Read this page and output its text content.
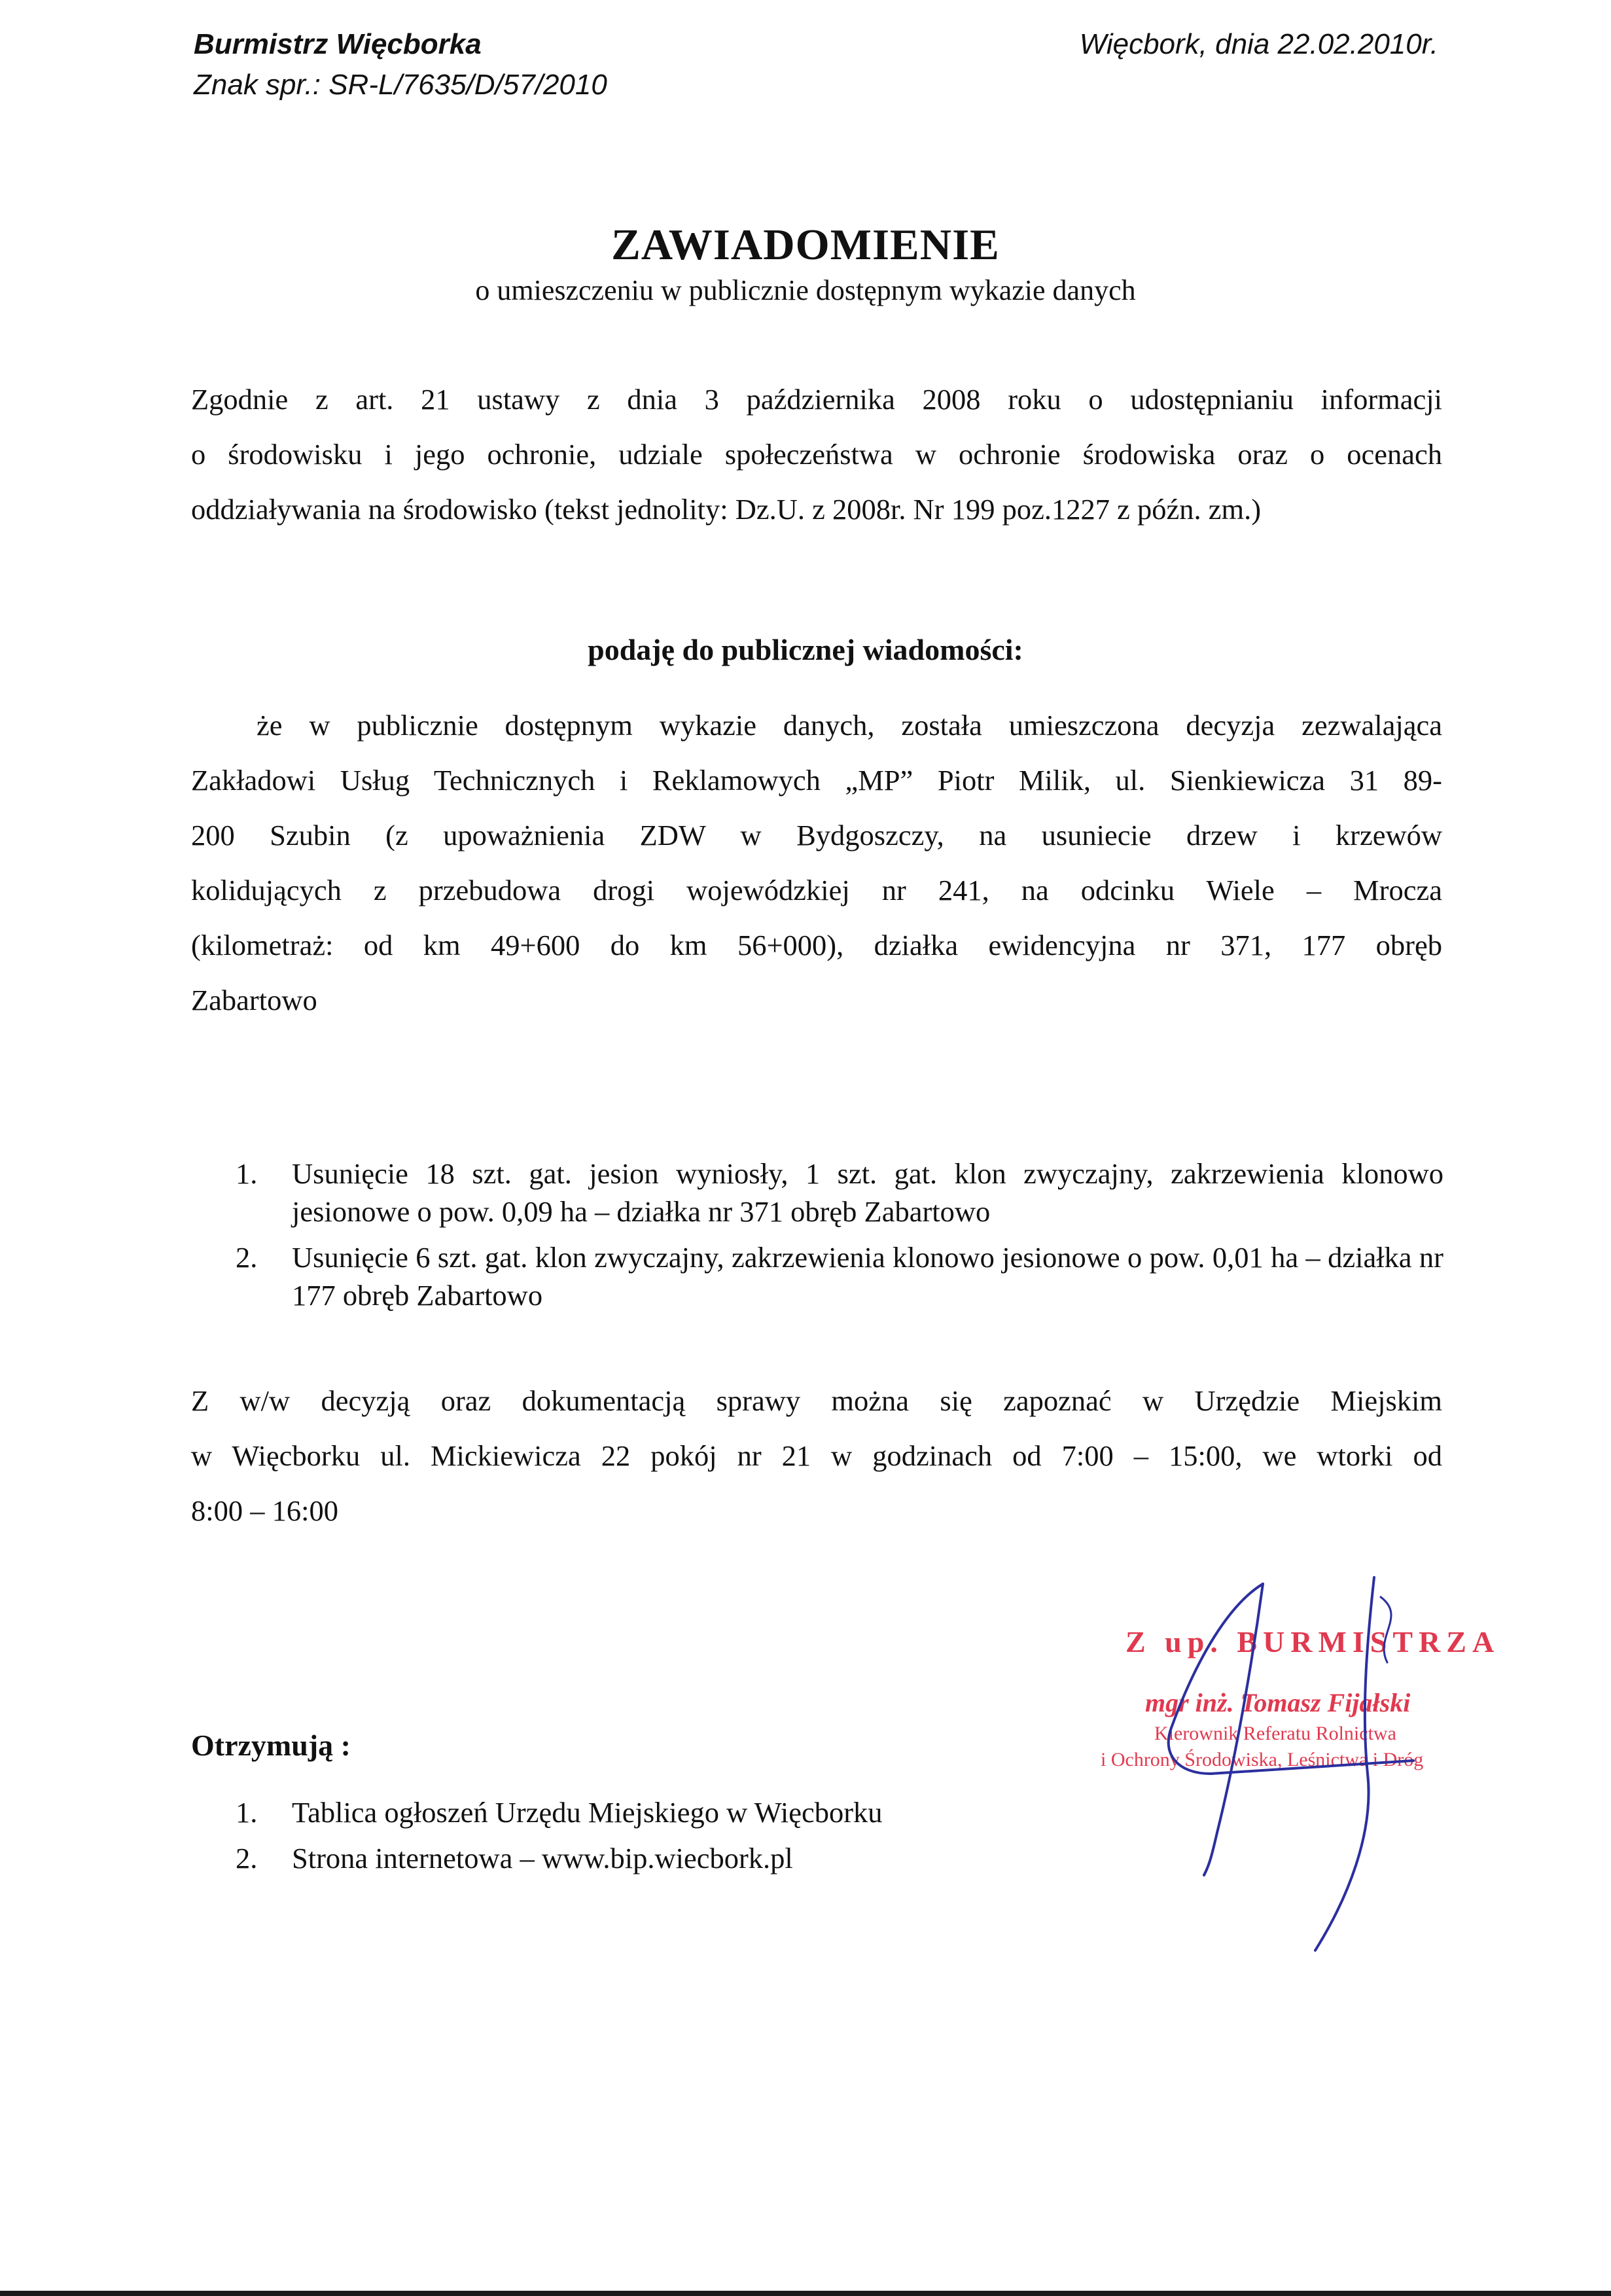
Burmistrz Więcborka
Znak spr.: SR-L/7635/D/57/2010
Więcbork, dnia 22.02.2010r.
ZAWIADOMIENIE
o umieszczeniu w publicznie dostępnym wykazie danych
Zgodnie z art. 21 ustawy z dnia 3 października 2008 roku o udostępnianiu informacji
o środowisku i jego ochronie, udziale społeczeństwa w ochronie środowiska oraz o ocenach
oddziaływania na środowisko (tekst jednolity: Dz.U. z 2008r. Nr 199 poz.1227 z późn. zm.)
podaję do publicznej wiadomości:
że w publicznie dostępnym wykazie danych, została umieszczona decyzja zezwalająca
Zakładowi Usług Technicznych i Reklamowych „MP” Piotr Milik, ul. Sienkiewicza 31 89-
200 Szubin (z upoważnienia ZDW w Bydgoszczy, na usuniecie drzew i krzewów
kolidujących z przebudowa drogi wojewódzkiej nr 241, na odcinku Wiele – Mrocza
(kilometraż: od km 49+600 do km 56+000), działka ewidencyjna nr 371, 177 obręb
Zabartowo
1. Usunięcie 18 szt. gat. jesion wyniosły, 1 szt. gat. klon zwyczajny, zakrzewienia klonowo jesionowe o pow. 0,09 ha – działka nr 371 obręb Zabartowo
2. Usunięcie 6 szt. gat. klon zwyczajny, zakrzewienia klonowo jesionowe o pow. 0,01 ha – działka nr 177 obręb Zabartowo
Z w/w decyzją oraz dokumentacją sprawy można się zapoznać w Urzędzie Miejskim
w Więcborku ul. Mickiewicza 22 pokój nr 21 w godzinach od 7:00 – 15:00, we wtorki od
8:00 – 16:00
Z up. BURMISTRZA
mgr inż. Tomasz Fijałski
Kierownik Referatu Rolnictwa
i Ochrony Środowiska, Leśnictwa i Dróg
Otrzymują :
1. Tablica ogłoszeń Urzędu Miejskiego w Więcborku
2. Strona internetowa – www.bip.wiecbork.pl
